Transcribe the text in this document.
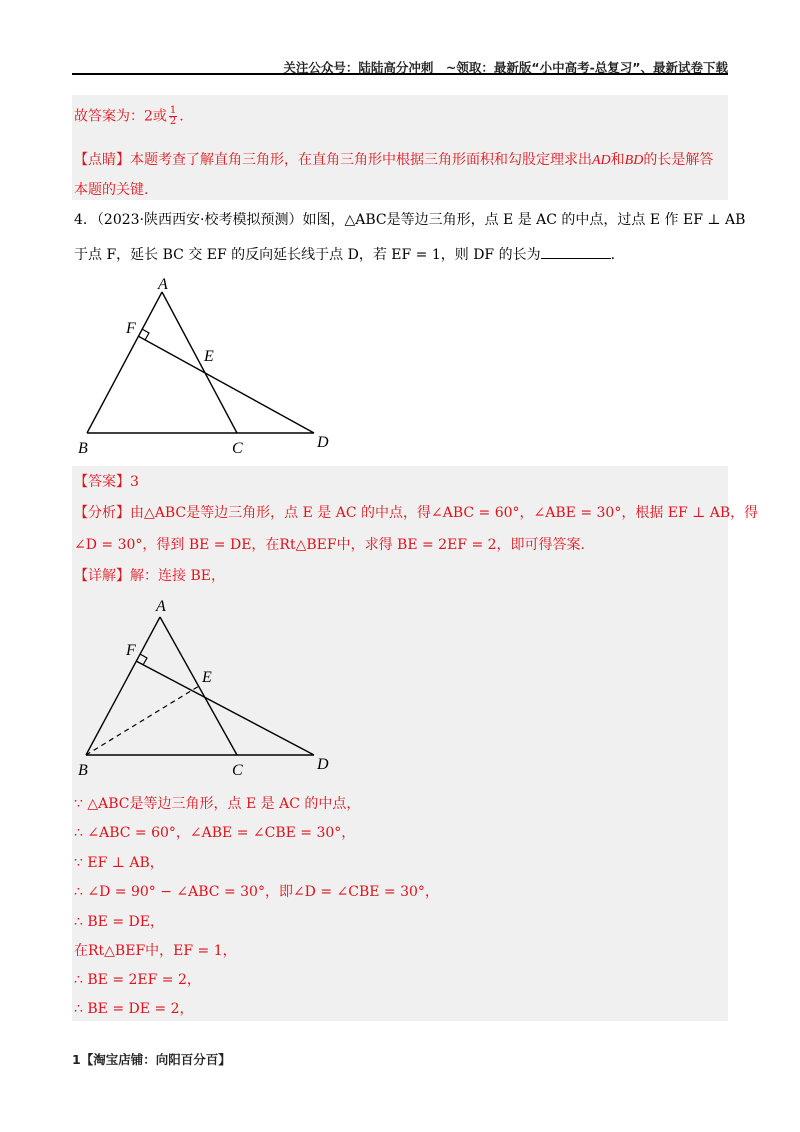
关注公众号：陆陆高分冲刺　~领取：最新版“小中高考-总复习”、最新试卷下载
故答案为：2或 $\frac{1}{2}$ .
【点睛】本题考查了解直角三角形，在直角三角形中根据三角形面积和勾股定理求出AD和BD的长是解答
本题的关键.
4．（2023·陕西西安·校考模拟预测）如图，△ABC是等边三角形，点 E 是 AC 的中点，过点 E 作 EF ⊥ AB
于点 F，延长 BC 交 EF 的反向延长线于点 D，若 EF = 1，则 DF 的长为	.
A
B	C	D
E
F
【答案】3
【分析】由△ABC是等边三角形，点 E 是 AC 的中点，得∠ABC = 60°，∠ABE = 30°，根据 EF ⊥ AB，得
∠D = 30°，得到 BE = DE，在Rt△BEF中，求得 BE = 2EF = 2，即可得答案.
【详解】解：连接 BE，
A
B	C	D
E
F
∵ △ABC是等边三角形，点 E 是 AC 的中点，
∴ ∠ABC = 60°，∠ABE = ∠CBE = 30°，
∵ EF ⊥ AB，
∴ ∠D = 90° − ∠ABC = 30°，即∠D = ∠CBE = 30°，
∴ BE = DE，
在Rt△BEF中，EF = 1，
∴ BE = 2EF = 2，
∴ BE = DE = 2，
1【淘宝店铺：向阳百分百】
